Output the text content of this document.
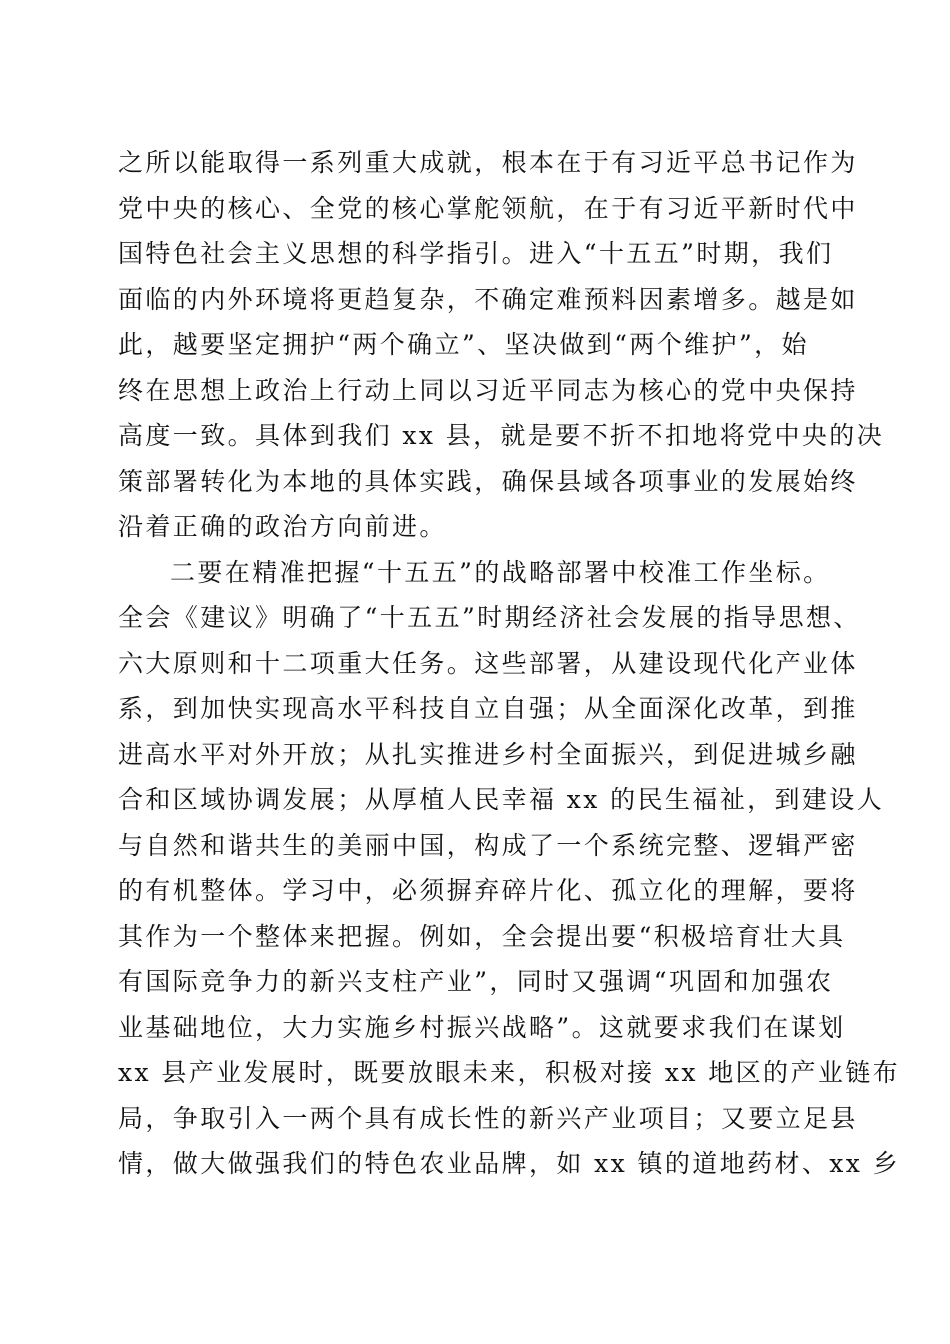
之所以能取得一系列重大成就，根本在于有习近平总书记作为
党中央的核心、全党的核心掌舵领航，在于有习近平新时代中
国特色社会主义思想的科学指引。进入“十五五”时期，我们
面临的内外环境将更趋复杂，不确定难预料因素增多。越是如
此，越要坚定拥护“两个确立”、坚决做到“两个维护”，始
终在思想上政治上行动上同以习近平同志为核心的党中央保持
高度一致。具体到我们 xx 县，就是要不折不扣地将党中央的决
策部署转化为本地的具体实践，确保县域各项事业的发展始终
沿着正确的政治方向前进。
二要在精准把握“十五五”的战略部署中校准工作坐标。
全会《建议》明确了“十五五”时期经济社会发展的指导思想、
六大原则和十二项重大任务。这些部署，从建设现代化产业体
系，到加快实现高水平科技自立自强；从全面深化改革，到推
进高水平对外开放；从扎实推进乡村全面振兴，到促进城乡融
合和区域协调发展；从厚植人民幸福 xx 的民生福祉，到建设人
与自然和谐共生的美丽中国，构成了一个系统完整、逻辑严密
的有机整体。学习中，必须摒弃碎片化、孤立化的理解，要将
其作为一个整体来把握。例如，全会提出要“积极培育壮大具
有国际竞争力的新兴支柱产业”，同时又强调“巩固和加强农
业基础地位，大力实施乡村振兴战略”。这就要求我们在谋划
xx 县产业发展时，既要放眼未来，积极对接 xx 地区的产业链布
局，争取引入一两个具有成长性的新兴产业项目；又要立足县
情，做大做强我们的特色农业品牌，如 xx 镇的道地药材、xx 乡
